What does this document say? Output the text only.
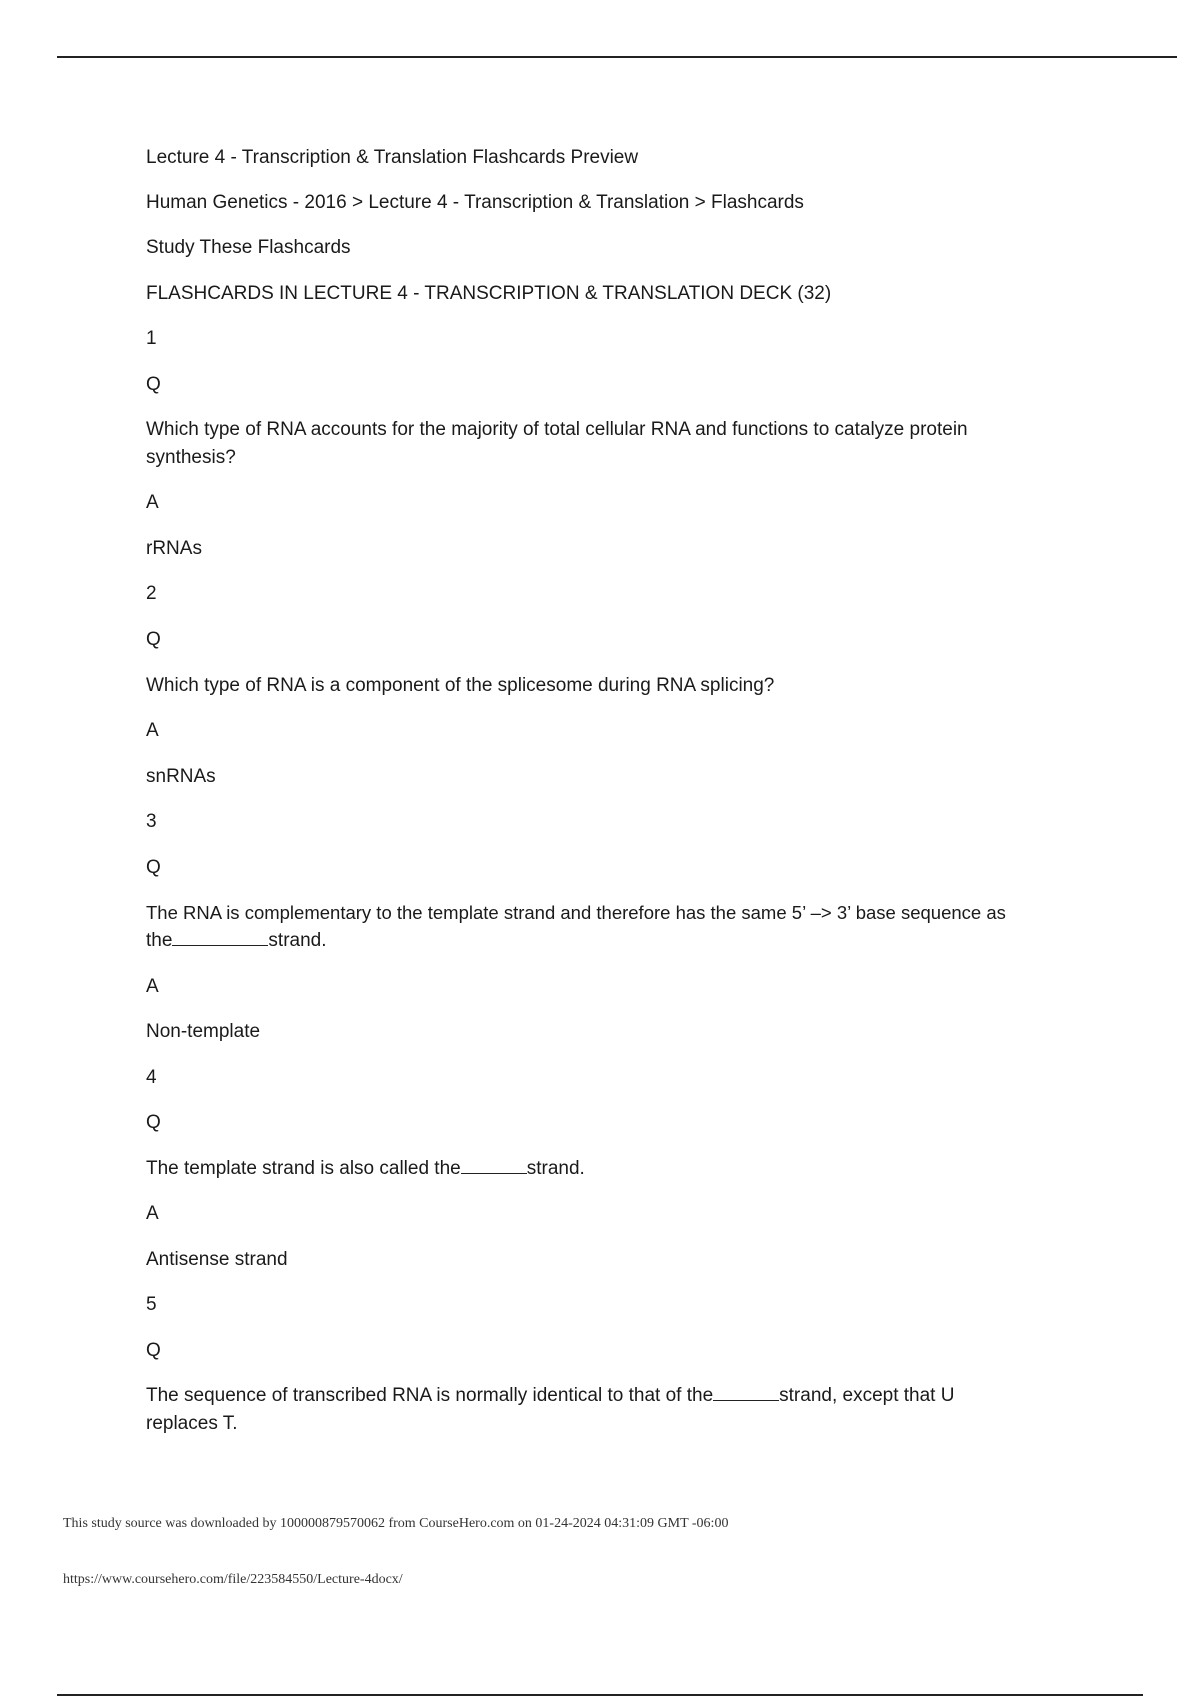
Lecture 4 - Transcription & Translation Flashcards Preview

Human Genetics - 2016 > Lecture 4 - Transcription & Translation > Flashcards

Study These Flashcards

FLASHCARDS IN LECTURE 4 - TRANSCRIPTION & TRANSLATION DECK (32)

1

Q

Which type of RNA accounts for the majority of total cellular RNA and functions to catalyze protein

synthesis?

A

rRNAs

2

Q

Which type of RNA is a component of the splicesome during RNA splicing?

A

snRNAs

3

Q

The RNA is complementary to the template strand and therefore has the same 5’ –> 3’ base sequence as

the	strand.

A

Non-template

4

Q

The template strand is also called the	strand.

A

Antisense strand

5

Q

The sequence of transcribed RNA is normally identical to that of the	strand, except that U

replaces T.

This study source was downloaded by 100000879570062 from CourseHero.com on 01-24-2024 04:31:09 GMT -06:00
https://www.coursehero.com/file/223584550/Lecture-4docx/
